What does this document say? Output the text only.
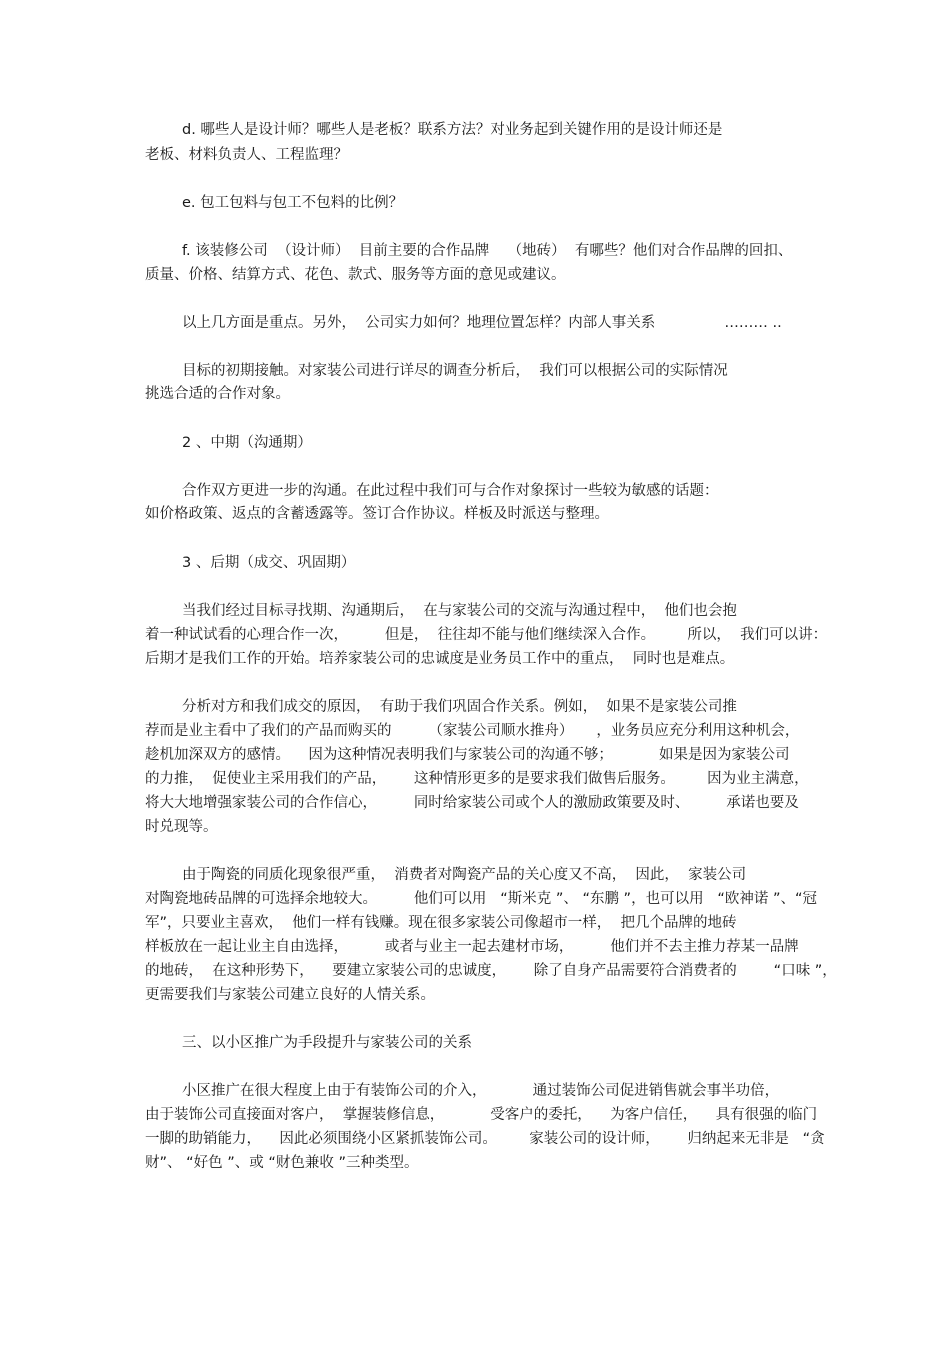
d. 哪些人是设计师？哪些人是老板？联系方法？对业务起到关键作用的是设计师还是
老板、材料负责人、工程监理？
e. 包工包料与包工不包料的比例？
f. 该装修公司  （设计师）  目前主要的合作品牌    （地砖）  有哪些？他们对合作品牌的回扣、
质量、价格、结算方式、花色、款式、服务等方面的意见或建议。
以上几方面是重点。另外，  公司实力如何？地理位置怎样？内部人事关系               ……… ..
目标的初期接触。对家装公司进行详尽的调查分析后，  我们可以根据公司的实际情况
挑选合适的合作对象。
2 、中期（沟通期）
合作双方更进一步的沟通。在此过程中我们可与合作对象探讨一些较为敏感的话题：
如价格政策、返点的含蓄透露等。签订合作协议。样板及时派送与整理。
3 、后期（成交、巩固期）
当我们经过目标寻找期、沟通期后，  在与家装公司的交流与沟通过程中，  他们也会抱
着一种试试看的心理合作一次，        但是，  往往却不能与他们继续深入合作。       所以，  我们可以讲：
后期才是我们工作的开始。培养家装公司的忠诚度是业务员工作中的重点，  同时也是难点。
分析对方和我们成交的原因，  有助于我们巩固合作关系。例如，  如果不是家装公司推
荐而是业主看中了我们的产品而购买的        （家装公司顺水推舟）     ，业务员应充分利用这种机会，
趁机加深双方的感情。    因为这种情况表明我们与家装公司的沟通不够；          如果是因为家装公司
的力推，  促使业主采用我们的产品，      这种情形更多的是要求我们做售后服务。       因为业主满意，
将大大地增强家装公司的合作信心，        同时给家装公司或个人的激励政策要及时、        承诺也要及
时兑现等。
由于陶瓷的同质化现象很严重，  消费者对陶瓷产品的关心度又不高，  因此，  家装公司
对陶瓷地砖品牌的可选择余地较大。        他们可以用   “斯米克 ”、 “东鹏 ”，也可以用   “欧神诺 ”、“冠
军”，只要业主喜欢，  他们一样有钱赚。现在很多家装公司像超市一样，  把几个品牌的地砖
样板放在一起让业主自由选择，        或者与业主一起去建材市场，        他们并不去主推力荐某一品牌
的地砖，  在这种形势下，    要建立家装公司的忠诚度，      除了自身产品需要符合消费者的        “口味 ”，
更需要我们与家装公司建立良好的人情关系。
三、以小区推广为手段提升与家装公司的关系
小区推广在很大程度上由于有装饰公司的介入，          通过装饰公司促进销售就会事半功倍，
由于装饰公司直接面对客户，  掌握装修信息，          受客户的委托，    为客户信任，    具有很强的临门
一脚的助销能力，    因此必须围绕小区紧抓装饰公司。       家装公司的设计师，      归纳起来无非是   “贪
财”、 “好色 ”、或 “财色兼收 ”三种类型。
